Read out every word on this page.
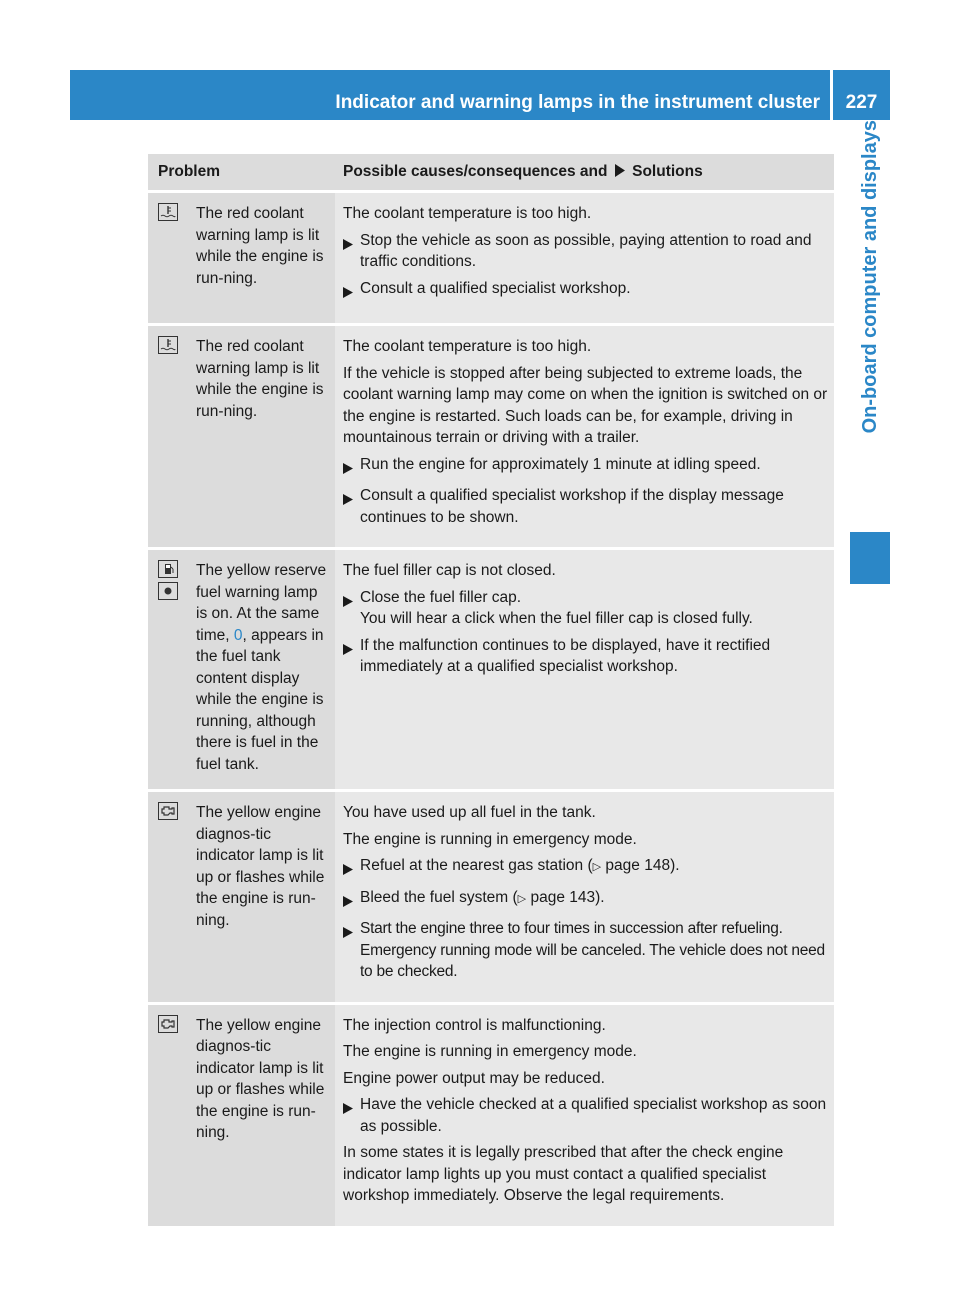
Indicator and warning lamps in the instrument cluster	227
On-board computer and displays
Problem	Possible causes/consequences and Solutions

The red coolant warning lamp is lit while the engine is run-ning.	The coolant temperature is too high.

Stop the vehicle as soon as possible, paying attention to road and traffic conditions.
Consult a qualified specialist workshop.

The red coolant warning lamp is lit while the engine is run-ning.	The coolant temperature is too high.

If the vehicle is stopped after being subjected to extreme loads, the coolant warning lamp may come on when the ignition is switched on or the engine is restarted. Such loads can be, for example, driving in mountainous terrain or driving with a trailer.

Run the engine for approximately 1 minute at idling speed.
Consult a qualified specialist workshop if the display message continues to be shown.

The yellow reserve fuel warning lamp is on. At the same time, 0, appears in the fuel tank content display while the engine is running, although there is fuel in the fuel tank.	The fuel filler cap is not closed.

Close the fuel filler cap.
You will hear a click when the fuel filler cap is closed fully.
If the malfunction continues to be displayed, have it rectified immediately at a qualified specialist workshop.

The yellow engine diagnos-tic indicator lamp is lit up or flashes while the engine is run-ning.	You have used up all fuel in the tank.

The engine is running in emergency mode.

Refuel at the nearest gas station (▷ page 148).
Bleed the fuel system (▷ page 143).
Start the engine three to four times in succession after refueling. Emergency running mode will be canceled. The vehicle does not need to be checked.

The yellow engine diagnos-tic indicator lamp is lit up or flashes while the engine is run-ning.	The injection control is malfunctioning.

The engine is running in emergency mode.

Engine power output may be reduced.

Have the vehicle checked at a qualified specialist workshop as soon as possible.

In some states it is legally prescribed that after the check engine indicator lamp lights up you must contact a qualified specialist workshop immediately. Observe the legal requirements.
